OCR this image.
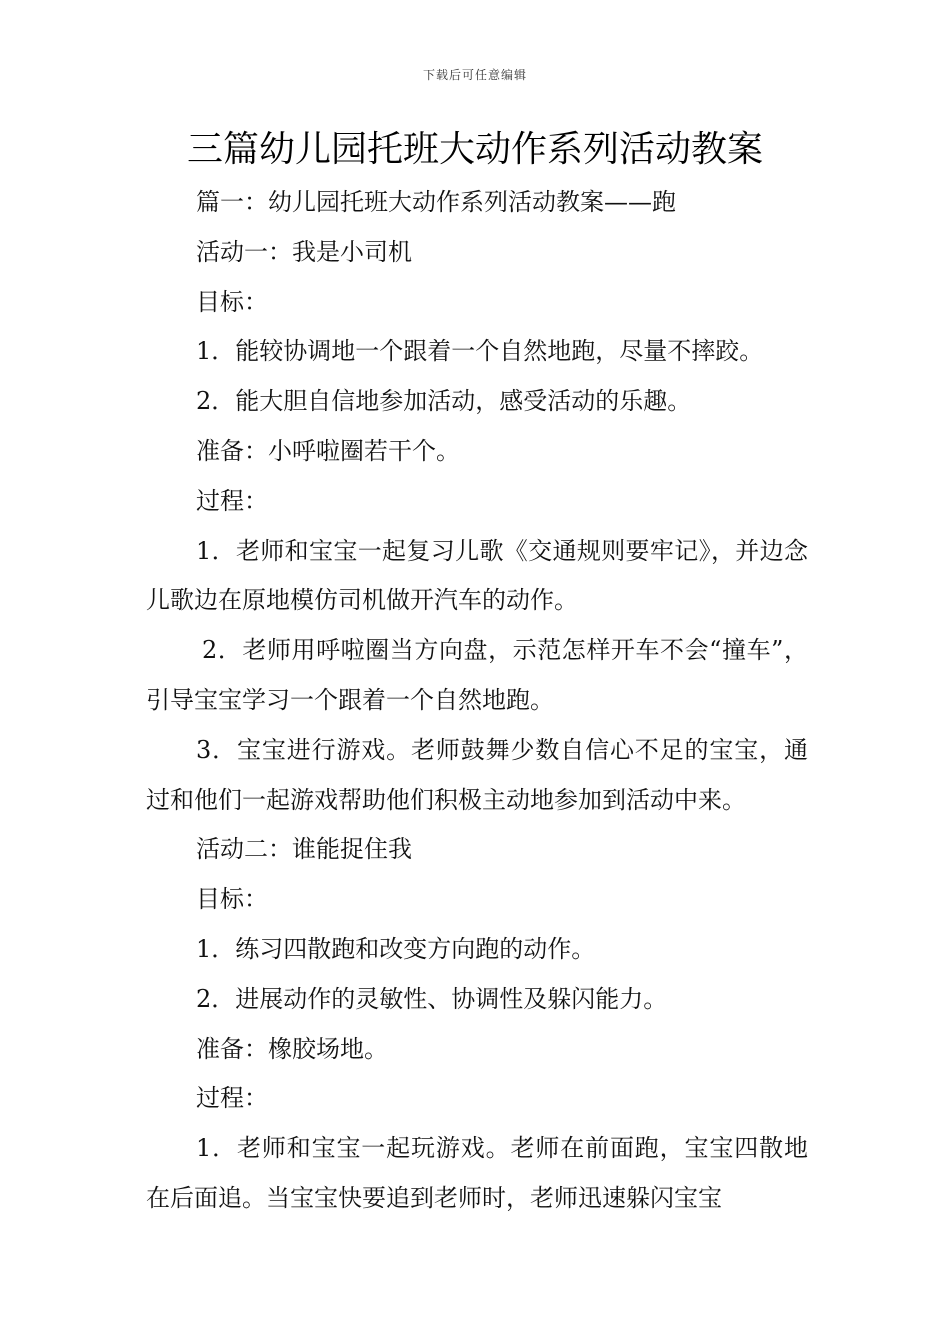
下载后可任意编辑
三篇幼儿园托班大动作系列活动教案

篇一：幼儿园托班大动作系列活动教案——跑

活动一：我是小司机

目标：

1．能较协调地一个跟着一个自然地跑，尽量不摔跤。

2．能大胆自信地参加活动，感受活动的乐趣。

准备：小呼啦圈若干个。

过程：

1．老师和宝宝一起复习儿歌《交通规则要牢记》，并边念儿歌边在原地模仿司机做开汽车的动作。

2．老师用呼啦圈当方向盘，示范怎样开车不会“撞车”，引导宝宝学习一个跟着一个自然地跑。

3．宝宝进行游戏。老师鼓舞少数自信心不足的宝宝，通过和他们一起游戏帮助他们积极主动地参加到活动中来。

活动二：谁能捉住我

目标：

1．练习四散跑和改变方向跑的动作。

2．进展动作的灵敏性、协调性及躲闪能力。

准备：橡胶场地。

过程：

1．老师和宝宝一起玩游戏。老师在前面跑，宝宝四散地在后面追。当宝宝快要追到老师时，老师迅速躲闪宝宝
